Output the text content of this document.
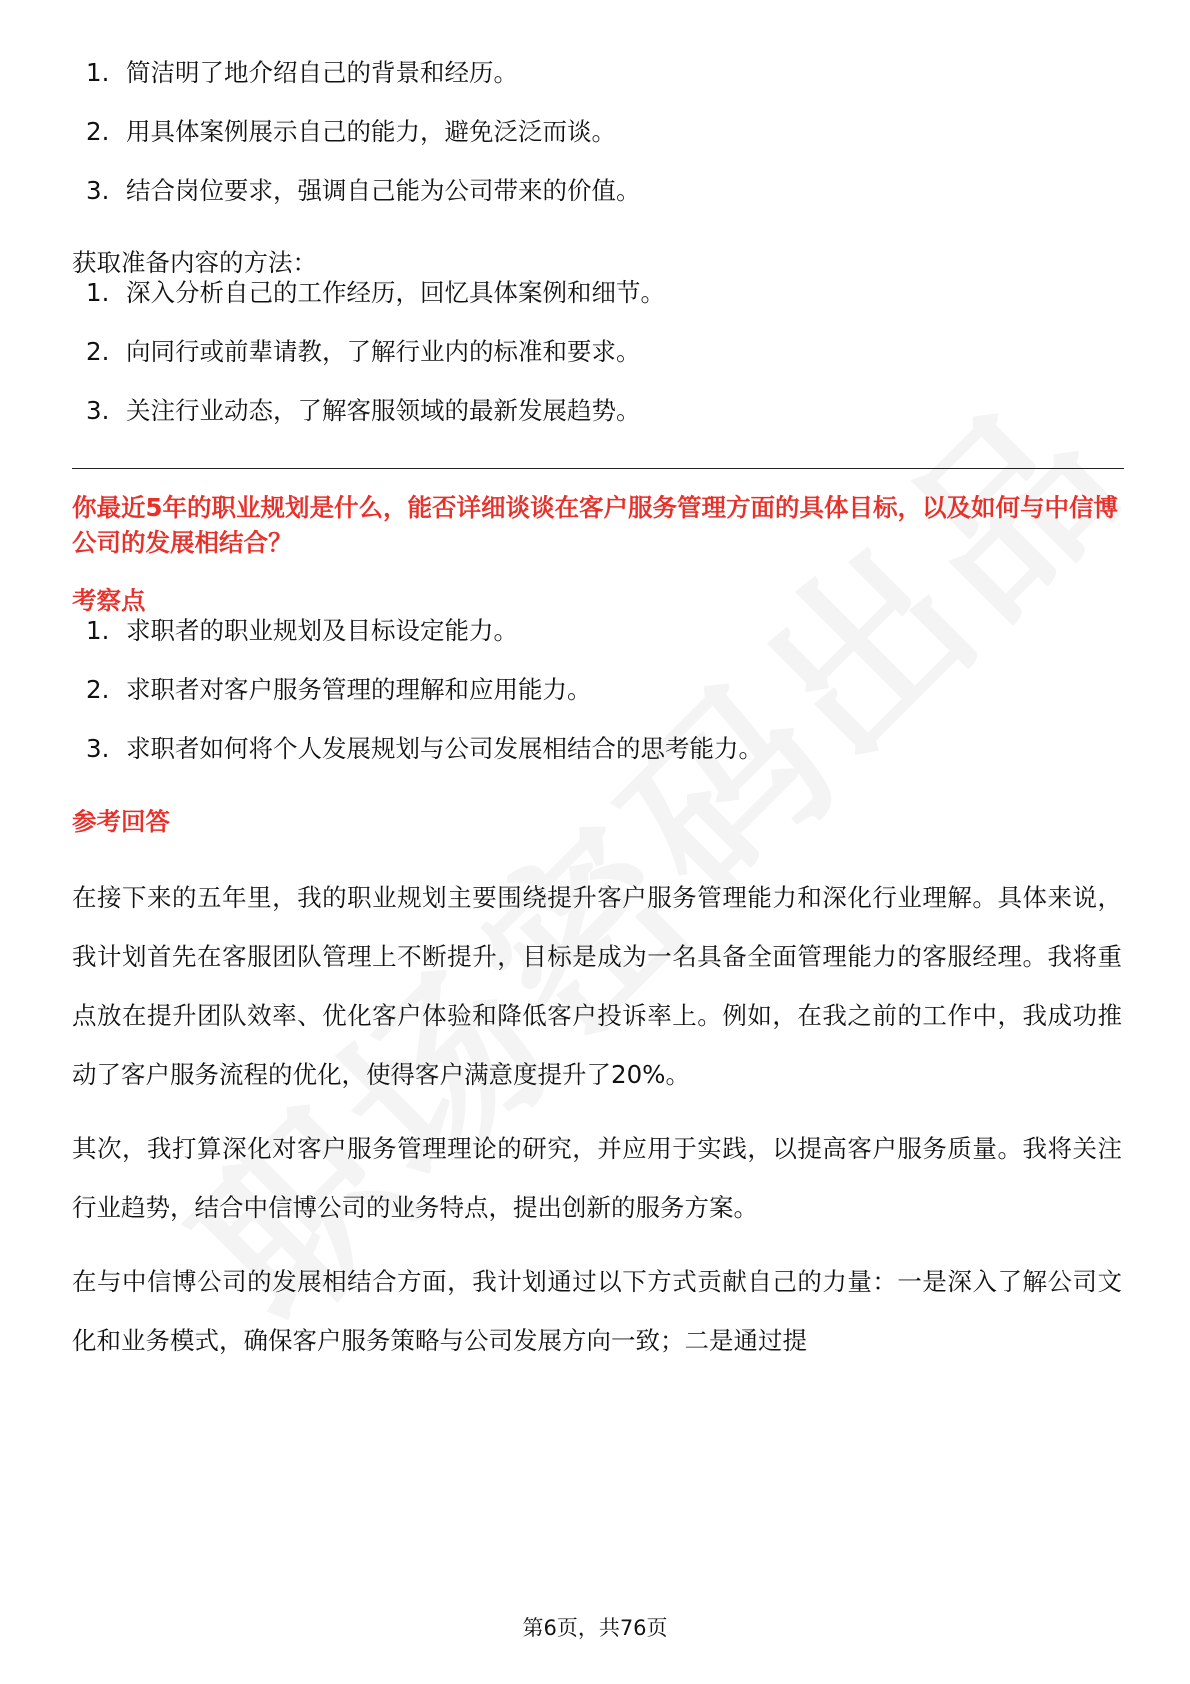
1. 简洁明了地介绍自己的背景和经历。
2. 用具体案例展示自己的能力，避免泛泛而谈。
3. 结合岗位要求，强调自己能为公司带来的价值。
获取准备内容的方法：
1. 深入分析自己的工作经历，回忆具体案例和细节。
2. 向同行或前辈请教，了解行业内的标准和要求。
3. 关注行业动态，了解客服领域的最新发展趋势。
你最近5年的职业规划是什么，能否详细谈谈在客户服务管理方面的具体目标，以及如何与中信博公司的发展相结合？
考察点
1. 求职者的职业规划及目标设定能力。
2. 求职者对客户服务管理的理解和应用能力。
3. 求职者如何将个人发展规划与公司发展相结合的思考能力。
参考回答

在接下来的五年里，我的职业规划主要围绕提升客户服务管理能力和深化行业理解。具体来说，我计划首先在客服团队管理上不断提升，目标是成为一名具备全面管理能力的客服经理。我将重点放在提升团队效率、优化客户体验和降低客户投诉率上。例如，在我之前的工作中，我成功推动了客户服务流程的优化，使得客户满意度提升了20%。

其次，我打算深化对客户服务管理理论的研究，并应用于实践，以提高客户服务质量。我将关注行业趋势，结合中信博公司的业务特点，提出创新的服务方案。

在与中信博公司的发展相结合方面，我计划通过以下方式贡献自己的力量：一是深入了解公司文化和业务模式，确保客户服务策略与公司发展方向一致；二是通过提

第6页，共76页
